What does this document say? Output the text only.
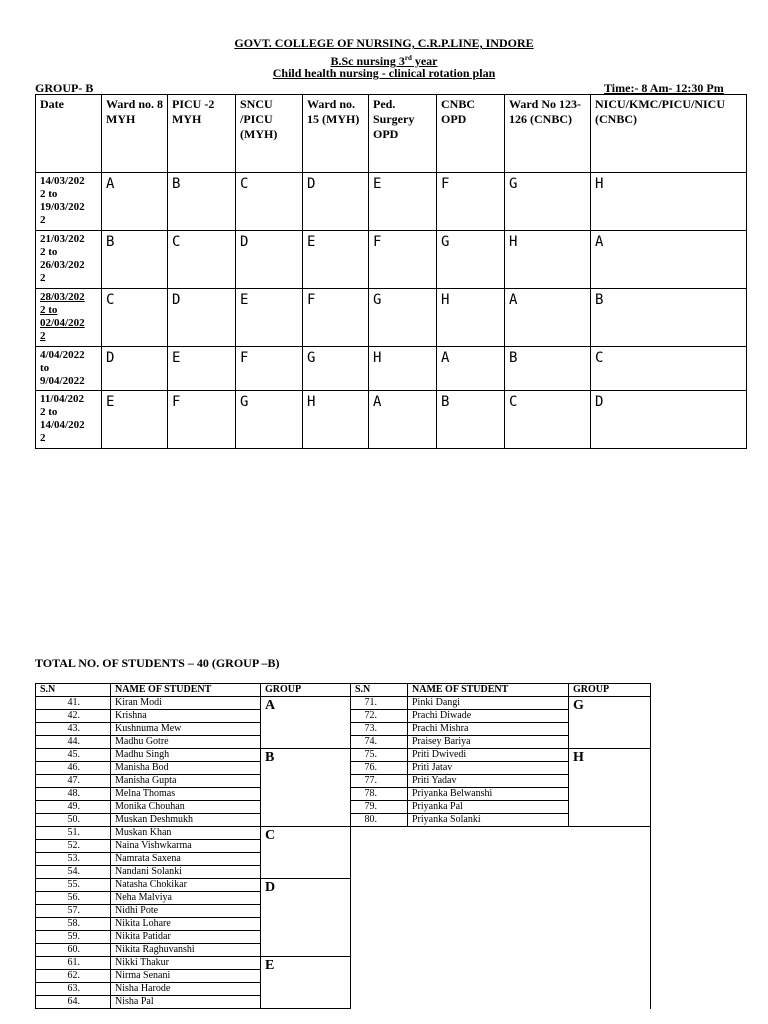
GOVT. COLLEGE OF NURSING, C.R.P.LINE, INDORE
B.Sc nursing 3rd year
Child health nursing - clinical rotation plan
GROUP- B	Time:- 8 Am- 12:30 Pm
Date	Ward no. 8 MYH	PICU -2 MYH	SNCU /PICU (MYH)	Ward no. 15 (MYH)	Ped. Surgery OPD	CNBC OPD	Ward No 123-126 (CNBC)	NICU/KMC/PICU/NICU (CNBC)
14/03/202
2 to
19/03/202
2	A	B	C	D	E	F	G	H
21/03/202
2 to
26/03/202
2	B	C	D	E	F	G	H	A
28/03/202
2 to
02/04/202
2	C	D	E	F	G	H	A	B
4/04/2022
to
9/04/2022	D	E	F	G	H	A	B	C
11/04/202
2 to
14/04/202
2	E	F	G	H	A	B	C	D
TOTAL NO. OF STUDENTS – 40 (GROUP –B)
S.N	NAME OF STUDENT	GROUP	S.N	NAME OF STUDENT	GROUP
41.	Kiran Modi	A	71.	Pinki Dangi	G
42.	Krishna		72.	Prachi Diwade	
43.	Kushnuma Mew		73.	Prachi Mishra	
44.	Madhu Gotre		74.	Praisey Bariya	
45.	Madhu Singh	B	75.	Priti Dwivedi	H
46.	Manisha Bod		76.	Priti Jatav	
47.	Manisha Gupta		77.	Priti Yadav	
48.	Melna Thomas		78.	Priyanka Belwanshi	
49.	Monika Chouhan		79.	Priyanka Pal	
50.	Muskan Deshmukh		80.	Priyanka Solanki	
51.	Muskan Khan	C			
52.	Naina Vishwkarma				
53.	Namrata Saxena				
54.	Nandani Solanki				
55.	Natasha Chokikar	D			
56.	Neha Malviya				
57.	Nidhi Pote				
58.	Nikita Lohare				
59.	Nikita Patidar				
60.	Nikita Raghuvanshi				
61.	Nikki Thakur	E			
62.	Nirma Senani				
63.	Nisha Harode				
64.	Nisha Pal				
